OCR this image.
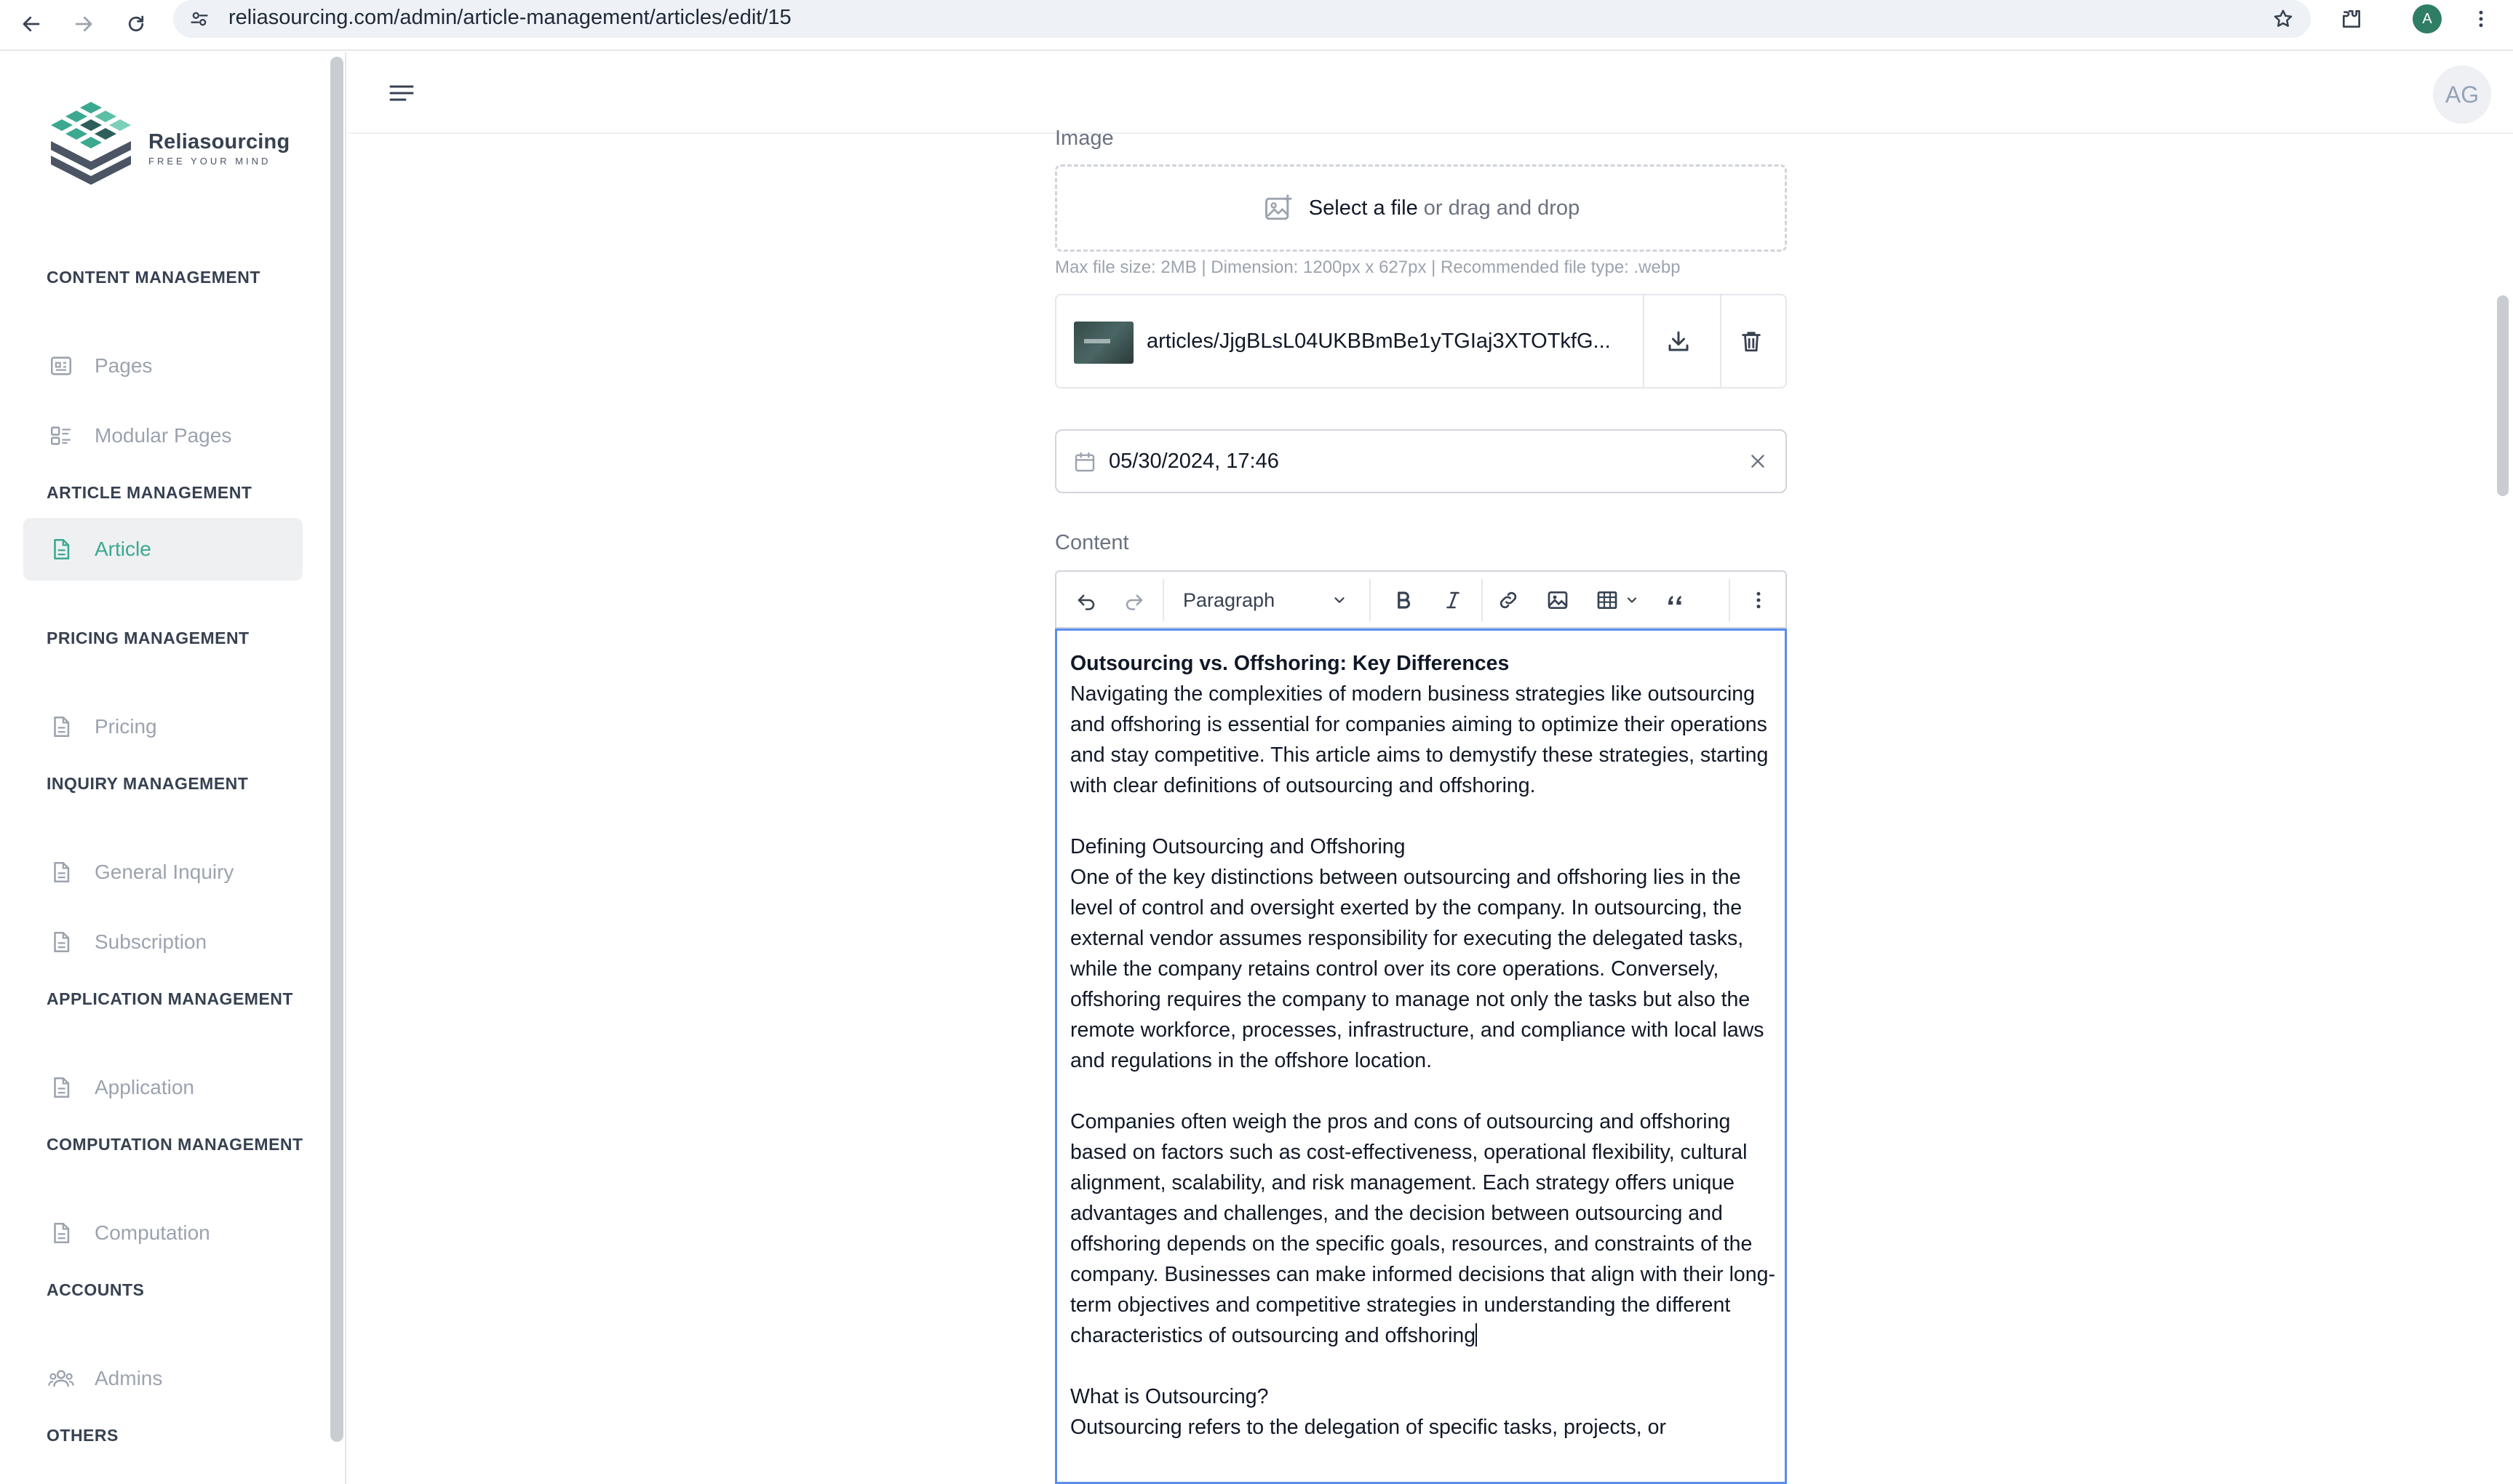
reliasourcing.com/admin/article-management/articles/edit/15	A
Reliasourcing
FREE YOUR MIND
CONTENT MANAGEMENT
Pages
Modular Pages
ARTICLE MANAGEMENT
Article
PRICING MANAGEMENT
Pricing
INQUIRY MANAGEMENT
General Inquiry
Subscription
APPLICATION MANAGEMENT
Application
COMPUTATION MANAGEMENT
Computation
ACCOUNTS
Admins
OTHERS
AG
Image
Select a file or drag and drop
Max file size: 2MB | Dimension: 1200px x 627px | Recommended file type: .webp
articles/JjgBLsL04UKBBmBe1yTGIaj3XTOTkfG...
05/30/2024, 17:46
Content
Paragraph

Outsourcing vs. Offshoring: Key Differences

Navigating the complexities of modern business strategies like outsourcing and offshoring is essential for companies aiming to optimize their operations and stay competitive. This article aims to demystify these strategies, starting with clear definitions of outsourcing and offshoring.

Defining Outsourcing and Offshoring

One of the key distinctions between outsourcing and offshoring lies in the level of control and oversight exerted by the company. In outsourcing, the external vendor assumes responsibility for executing the delegated tasks, while the company retains control over its core operations. Conversely, offshoring requires the company to manage not only the tasks but also the remote workforce, processes, infrastructure, and compliance with local laws and regulations in the offshore location.

Companies often weigh the pros and cons of outsourcing and offshoring based on factors such as cost-effectiveness, operational flexibility, cultural alignment, scalability, and risk management. Each strategy offers unique advantages and challenges, and the decision between outsourcing and offshoring depends on the specific goals, resources, and constraints of the company. Businesses can make informed decisions that align with their long-term objectives and competitive strategies in understanding the different characteristics of outsourcing and offshoring

What is Outsourcing?

Outsourcing refers to the delegation of specific tasks, projects, or
